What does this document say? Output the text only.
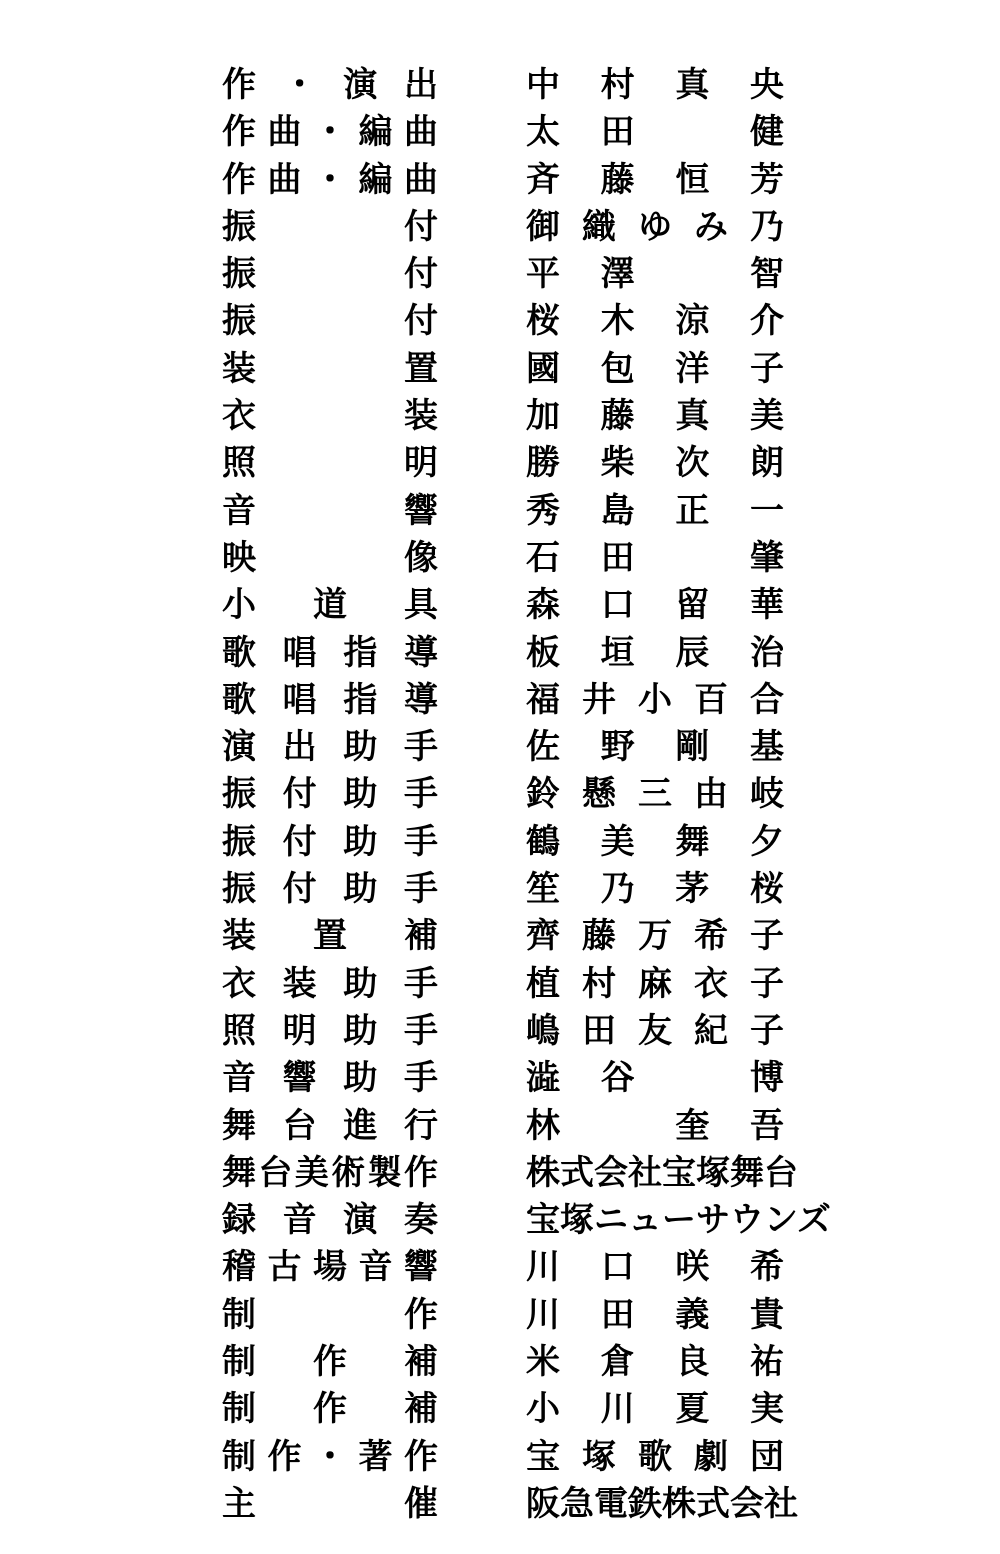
作・演出	中村真央
作曲・編曲	太田　健
作曲・編曲	斉藤恒芳
振　　付	御織ゆみ乃
振　　付	平澤　智
振　　付	桜木涼介
装　　置	國包洋子
衣　　装	加藤真美
照　　明	勝柴次朗
音　　響	秀島正一
映　　像	石田　肇
小道具	森口留華
歌唱指導	板垣辰治
歌唱指導	福井小百合
演出助手	佐野剛基
振付助手	鈴懸三由岐
振付助手	鶴美舞夕
振付助手	笙乃茅桜
装置補	齊藤万希子
衣装助手	植村麻衣子
照明助手	嶋田友紀子
音響助手	澁谷　博
舞台進行	林　奎吾
舞台美術製作	株式会社宝塚舞台
録音演奏	宝塚ニューサウンズ
稽古場音響	川口咲希
制　　作	川田義貴
制作補	米倉良祐
制作補	小川夏実
制作・著作	宝塚歌劇団
主　　催	阪急電鉄株式会社
